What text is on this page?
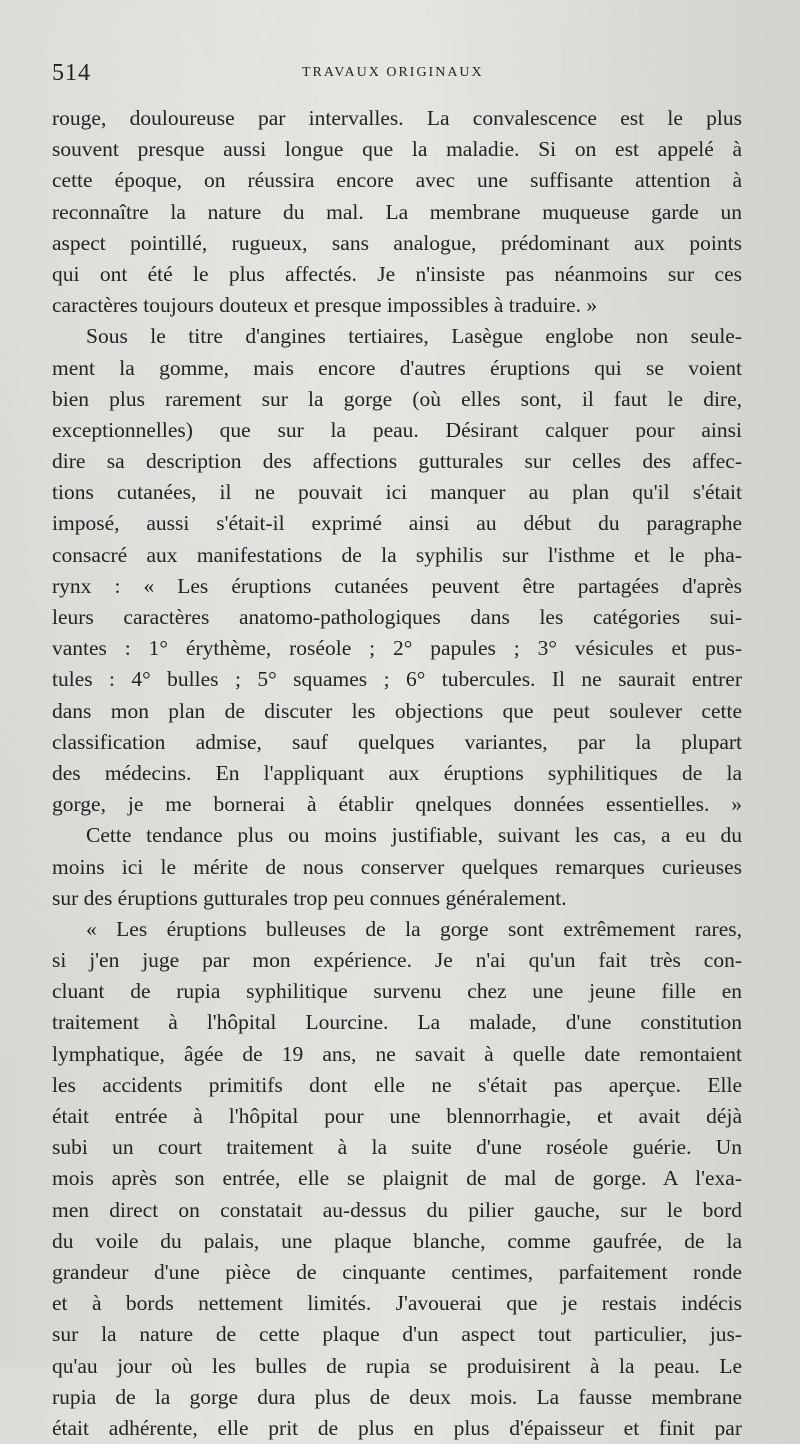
514	TRAVAUX ORIGINAUX
rouge, douloureuse par intervalles. La convalescence est le plus
souvent presque aussi longue que la maladie. Si on est appelé à
cette époque, on réussira encore avec une suffisante attention à
reconnaître la nature du mal. La membrane muqueuse garde un
aspect pointillé, rugueux, sans analogue, prédominant aux points
qui ont été le plus affectés. Je n'insiste pas néanmoins sur ces
caractères toujours douteux et presque impossibles à traduire. »
Sous le titre d'angines tertiaires, Lasègue englobe non seule-
ment la gomme, mais encore d'autres éruptions qui se voient
bien plus rarement sur la gorge (où elles sont, il faut le dire,
exceptionnelles) que sur la peau. Désirant calquer pour ainsi
dire sa description des affections gutturales sur celles des affec-
tions cutanées, il ne pouvait ici manquer au plan qu'il s'était
imposé, aussi s'était-il exprimé ainsi au début du paragraphe
consacré aux manifestations de la syphilis sur l'isthme et le pha-
rynx : « Les éruptions cutanées peuvent être partagées d'après
leurs caractères anatomo-pathologiques dans les catégories sui-
vantes : 1° érythème, roséole ; 2° papules ; 3° vésicules et pus-
tules : 4° bulles ; 5° squames ; 6° tubercules. Il ne saurait entrer
dans mon plan de discuter les objections que peut soulever cette
classification admise, sauf quelques variantes, par la plupart
des médecins. En l'appliquant aux éruptions syphilitiques de la
gorge, je me bornerai à établir qnelques données essentielles. »
Cette tendance plus ou moins justifiable, suivant les cas, a eu du
moins ici le mérite de nous conserver quelques remarques curieuses
sur des éruptions gutturales trop peu connues généralement.
« Les éruptions bulleuses de la gorge sont extrêmement rares,
si j'en juge par mon expérience. Je n'ai qu'un fait très con-
cluant de rupia syphilitique survenu chez une jeune fille en
traitement à l'hôpital Lourcine. La malade, d'une constitution
lymphatique, âgée de 19 ans, ne savait à quelle date remontaient
les accidents primitifs dont elle ne s'était pas aperçue. Elle
était entrée à l'hôpital pour une blennorrhagie, et avait déjà
subi un court traitement à la suite d'une roséole guérie. Un
mois après son entrée, elle se plaignit de mal de gorge. A l'exa-
men direct on constatait au-dessus du pilier gauche, sur le bord
du voile du palais, une plaque blanche, comme gaufrée, de la
grandeur d'une pièce de cinquante centimes, parfaitement ronde
et à bords nettement limités. J'avouerai que je restais indécis
sur la nature de cette plaque d'un aspect tout particulier, jus-
qu'au jour où les bulles de rupia se produisirent à la peau. Le
rupia de la gorge dura plus de deux mois. La fausse membrane
était adhérente, elle prit de plus en plus d'épaisseur et finit par
